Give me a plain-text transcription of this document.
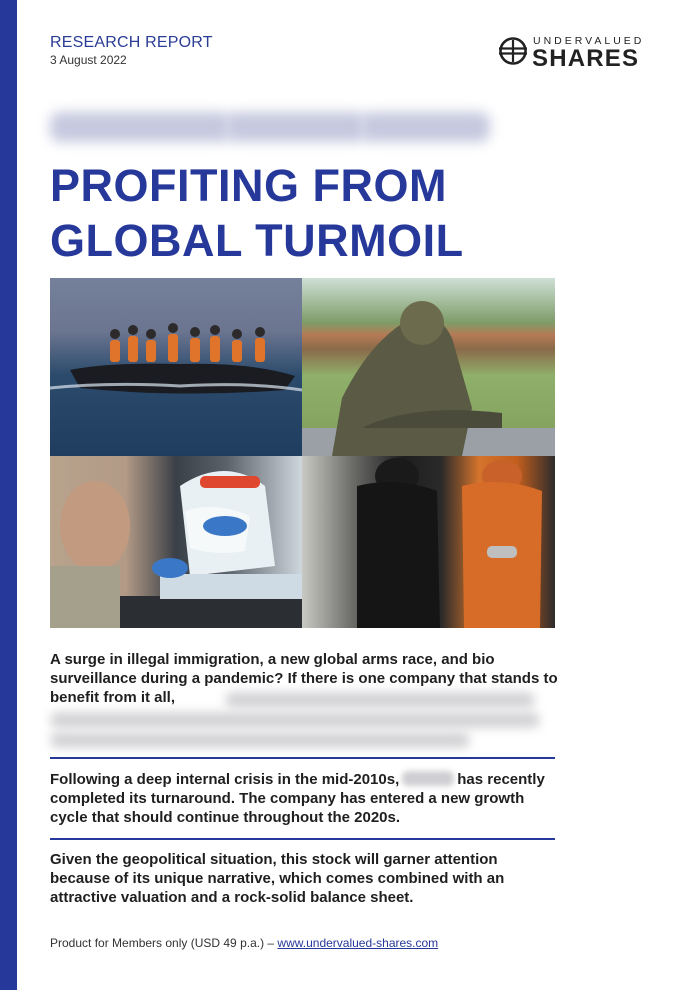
RESEARCH REPORT
3 August 2022
UNDERVALUED
SHARES
PROFITING FROM
GLOBAL TURMOIL

A surge in illegal immigration, a new global arms race, and bio surveillance during a pandemic? If there is one company that stands to benefit from it all,

Following a deep internal crisis in the mid-2010s,	has recently completed its turnaround. The company has entered a new growth cycle that should continue throughout the 2020s.

Given the geopolitical situation, this stock will garner attention because of its unique narrative, which comes combined with an attractive valuation and a rock-solid balance sheet.

Product for Members only (USD 49 p.a.) – www.undervalued-shares.com
